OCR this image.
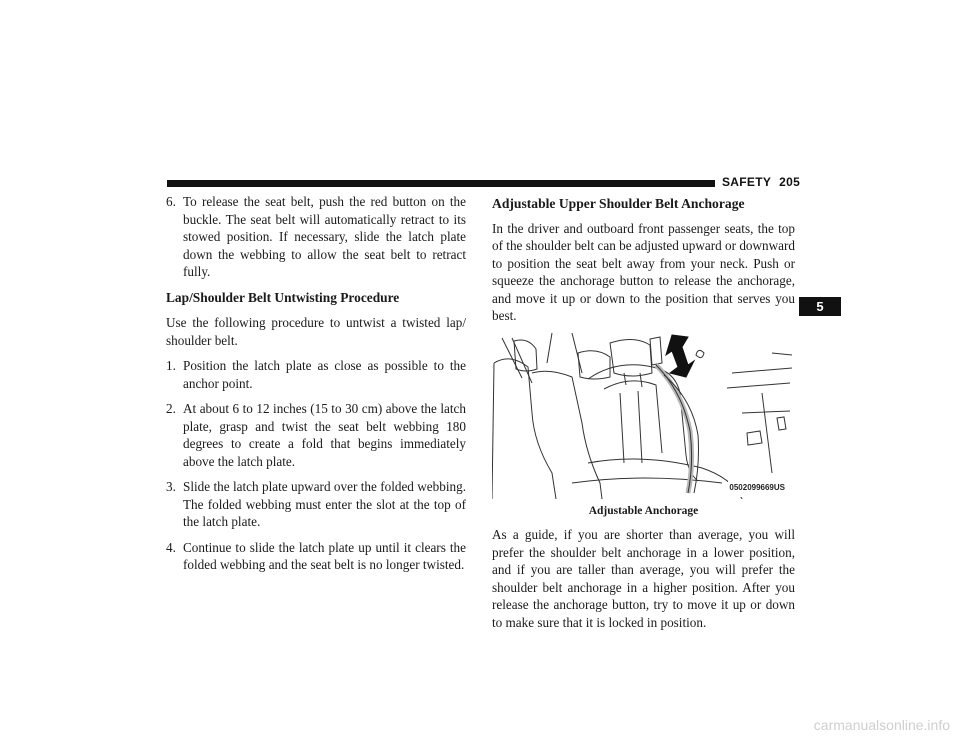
SAFETY 205
5
6. To release the seat belt, push the red button on the buckle. The seat belt will automatically retract to its stowed position. If necessary, slide the latch plate down the webbing to allow the seat belt to retract fully.

Lap/Shoulder Belt Untwisting Procedure

Use the following procedure to untwist a twisted lap/ shoulder belt.

1. Position the latch plate as close as possible to the anchor point.
2. At about 6 to 12 inches (15 to 30 cm) above the latch plate, grasp and twist the seat belt webbing 180 degrees to create a fold that begins immediately above the latch plate.
3. Slide the latch plate upward over the folded webbing. The folded webbing must enter the slot at the top of the latch plate.
4. Continue to slide the latch plate up until it clears the folded webbing and the seat belt is no longer twisted.

Adjustable Upper Shoulder Belt Anchorage

In the driver and outboard front passenger seats, the top of the shoulder belt can be adjusted upward or downward to position the seat belt away from your neck. Push or squeeze the anchorage button to release the anchorage, and move it up or down to the position that serves you best.

0502099669US

Adjustable Anchorage

As a guide, if you are shorter than average, you will prefer the shoulder belt anchorage in a lower position, and if you are taller than average, you will prefer the shoulder belt anchorage in a higher position. After you release the anchorage button, try to move it up or down to make sure that it is locked in position.

carmanualsonline.info
